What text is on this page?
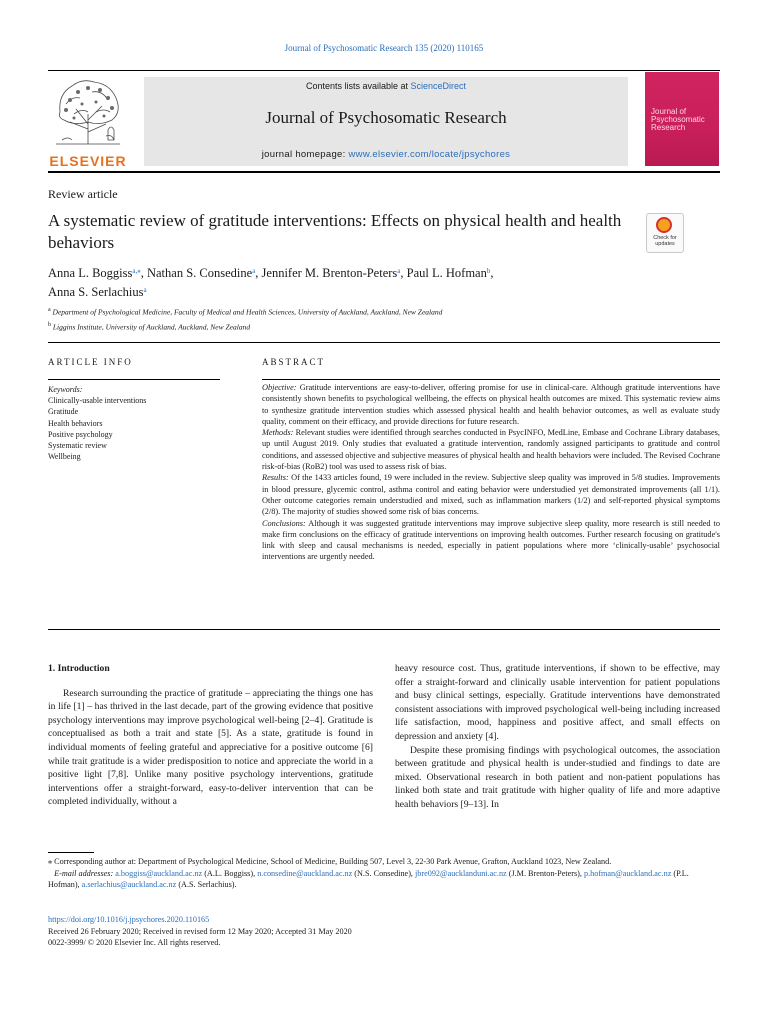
Journal of Psychosomatic Research 135 (2020) 110165
ELSEVIER
Contents lists available at ScienceDirect
Journal of Psychosomatic Research
journal homepage: www.elsevier.com/locate/jpsychores
Journal of Psychosomatic Research
Review article
A systematic review of gratitude interventions: Effects on physical health and health behaviors	Check for updates
Anna L. Boggiss$^{a,⁎}$, Nathan S. Consedine$^a$, Jennifer M. Brenton-Peters$^a$, Paul L. Hofman$^b$,
Anna S. Serlachius$^a$
$^a$ Department of Psychological Medicine, Faculty of Medical and Health Sciences, University of Auckland, Auckland, New Zealand
$^b$ Liggins Institute, University of Auckland, Auckland, New Zealand
ARTICLE INFO	ABSTRACT
Keywords:
Clinically-usable interventions
Gratitude
Health behaviors
Positive psychology
Systematic review
Wellbeing

Objective: Gratitude interventions are easy-to-deliver, offering promise for use in clinical-care. Although gratitude interventions have consistently shown benefits to psychological wellbeing, the effects on physical health outcomes are mixed. This systematic review aims to synthesize gratitude intervention studies which assessed physical health and health behavior outcomes, as well as evaluate study quality, comment on their efficacy, and provide directions for future research.

Methods: Relevant studies were identified through searches conducted in PsycINFO, MedLine, Embase and Cochrane Library databases, up until August 2019. Only studies that evaluated a gratitude intervention, randomly assigned participants to gratitude and control conditions, and assessed objective and subjective measures of physical health and health behaviors were included. The Revised Cochrane risk-of-bias (RoB2) tool was used to assess risk of bias.

Results: Of the 1433 articles found, 19 were included in the review. Subjective sleep quality was improved in 5/8 studies. Improvements in blood pressure, glycemic control, asthma control and eating behavior were understudied yet demonstrated improvements (all 1/1). Other outcome categories remain understudied and mixed, such as inflammation markers (1/2) and self-reported physical symptoms (2/8). The majority of studies showed some risk of bias concerns.

Conclusions: Although it was suggested gratitude interventions may improve subjective sleep quality, more research is still needed to make firm conclusions on the efficacy of gratitude interventions on improving health outcomes. Further research focusing on gratitude's link with sleep and causal mechanisms is needed, especially in patient populations where more ‘clinically-usable’ psychosocial interventions are urgently needed.

1. Introduction

Research surrounding the practice of gratitude – appreciating the things one has in life [1] – has thrived in the last decade, part of the growing evidence that positive psychology interventions may improve psychological well-being [2–4]. Gratitude is conceptualised as both a trait and state [5]. As a state, gratitude is found in individual moments of feeling grateful and appreciative for a positive outcome [6] while trait gratitude is a wider predisposition to notice and appreciate the world in a positive light [7,8]. Unlike many positive psychology interventions, gratitude interventions offer a straight-forward, easy-to-deliver intervention that can be completed individually, without a

heavy resource cost. Thus, gratitude interventions, if shown to be effective, may offer a straight-forward and clinically usable intervention for patient populations and busy clinical settings, especially. Gratitude interventions have demonstrated consistent associations with improved psychological well-being including increased life satisfaction, mood, happiness and positive affect, and small effects on depression and anxiety [4].

Despite these promising findings with psychological outcomes, the association between gratitude and physical health is under-studied and findings to date are mixed. Observational research in both patient and non-patient populations has linked both state and trait gratitude with higher quality of life and more adaptive health behaviors [9–13]. In

⁎ Corresponding author at: Department of Psychological Medicine, School of Medicine, Building 507, Level 3, 22-30 Park Avenue, Grafton, Auckland 1023, New Zealand.

E-mail addresses: a.boggiss@auckland.ac.nz (A.L. Boggiss), n.consedine@auckland.ac.nz (N.S. Consedine), jbre092@aucklanduni.ac.nz (J.M. Brenton-Peters), p.hofman@auckland.ac.nz (P.L. Hofman), a.serlachius@auckland.ac.nz (A.S. Serlachius).

https://doi.org/10.1016/j.jpsychores.2020.110165

Received 26 February 2020; Received in revised form 12 May 2020; Accepted 31 May 2020

0022-3999/ © 2020 Elsevier Inc. All rights reserved.
